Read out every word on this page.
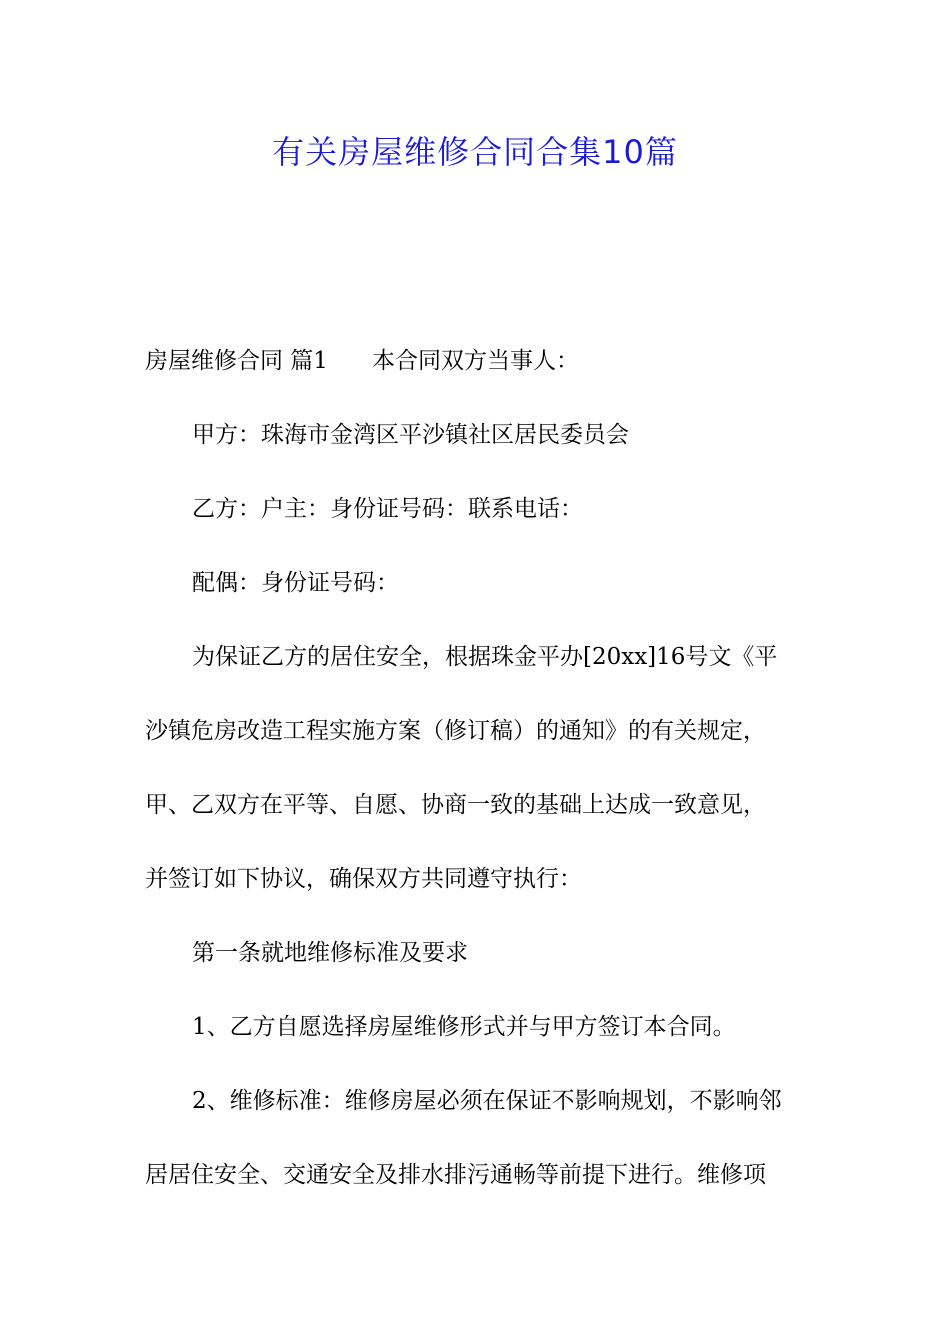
有关房屋维修合同合集10篇
房屋维修合同 篇1 本合同双方当事人：
甲方：珠海市金湾区平沙镇社区居民委员会
乙方：户主：身份证号码：联系电话：
配偶：身份证号码：
为保证乙方的居住安全，根据珠金平办[20xx]16号文《平
沙镇危房改造工程实施方案（修订稿）的通知》的有关规定，
甲、乙双方在平等、自愿、协商一致的基础上达成一致意见，
并签订如下协议，确保双方共同遵守执行：
第一条就地维修标准及要求
1、乙方自愿选择房屋维修形式并与甲方签订本合同。
2、维修标准：维修房屋必须在保证不影响规划，不影响邻
居居住安全、交通安全及排水排污通畅等前提下进行。维修项
